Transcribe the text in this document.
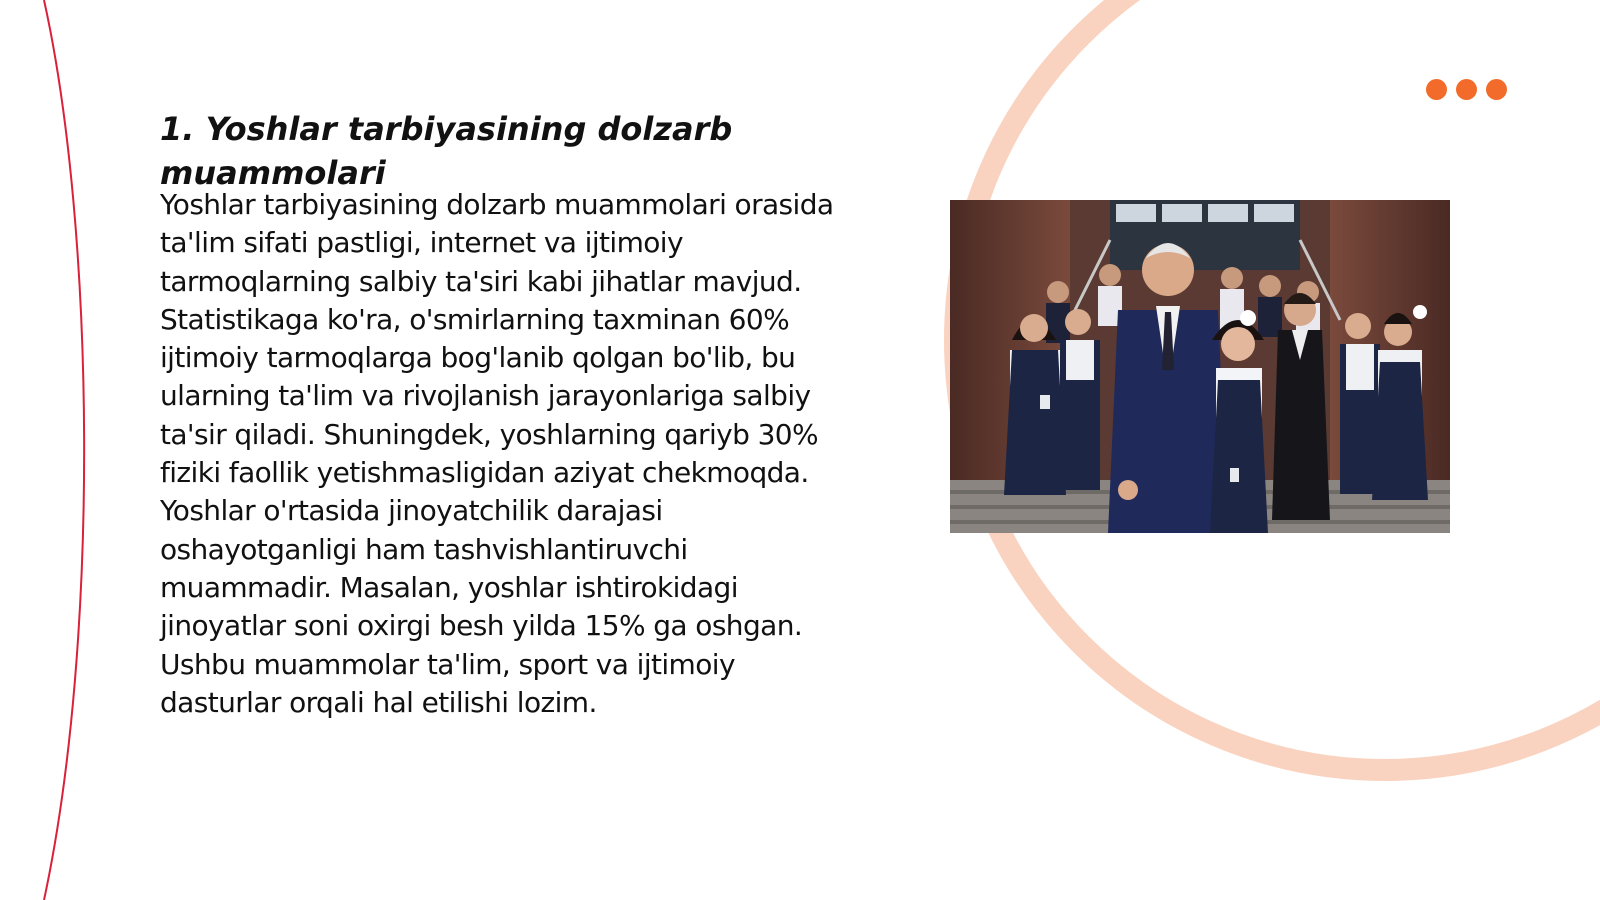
1. Yoshlar tarbiyasining dolzarb muammolari

Yoshlar tarbiyasining dolzarb muammolari orasida ta'lim sifati pastligi, internet va ijtimoiy tarmoqlarning salbiy ta'siri kabi jihatlar mavjud. Statistikaga ko'ra, o'smirlarning taxminan 60% ijtimoiy tarmoqlarga bog'lanib qolgan bo'lib, bu ularning ta'lim va rivojlanish jarayonlariga salbiy ta'sir qiladi. Shuningdek, yoshlarning qariyb 30% fiziki faollik yetishmasligidan aziyat chekmoqda. Yoshlar o'rtasida jinoyatchilik darajasi oshayotganligi ham tashvishlantiruvchi muammadir. Masalan, yoshlar ishtirokidagi jinoyatlar soni oxirgi besh yilda 15% ga oshgan. Ushbu muammolar ta'lim, sport va ijtimoiy dasturlar orqali hal etilishi lozim.
